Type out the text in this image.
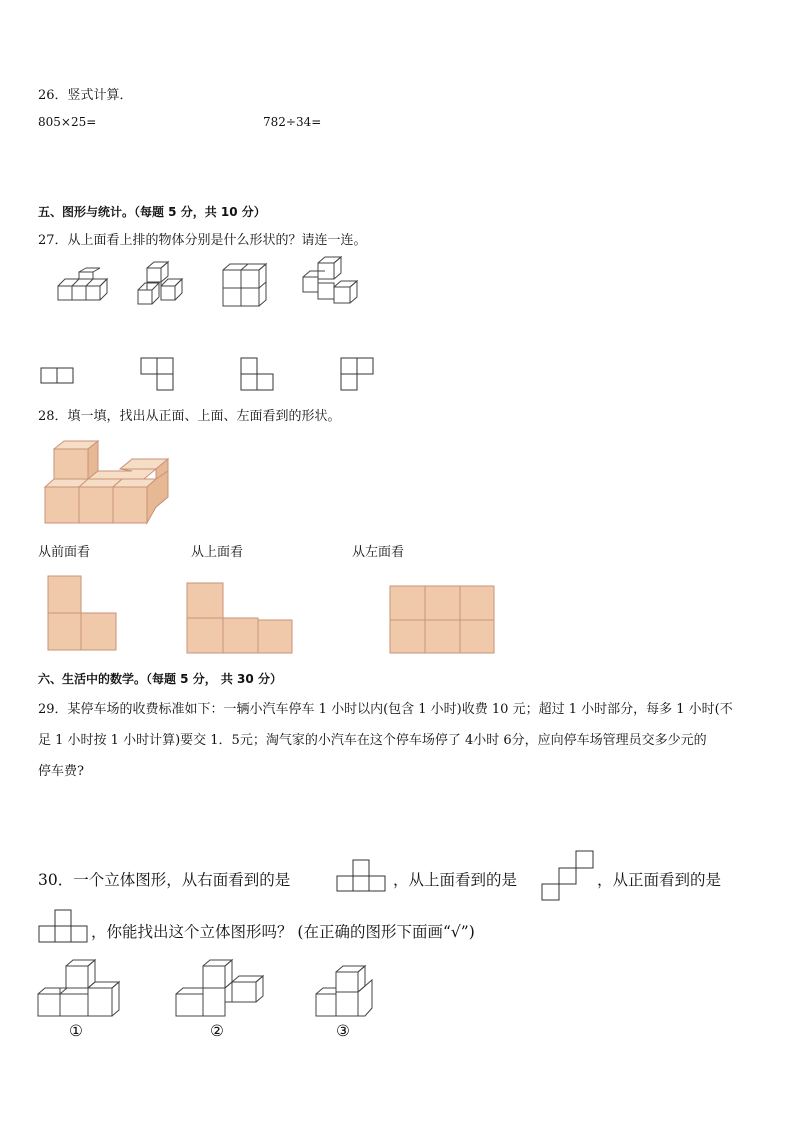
26．竖式计算．
805×25=	782÷34=
五、图形与统计。（每题 5 分，共 10 分）
27．从上面看上排的物体分别是什么形状的？请连一连。
28．填一填，找出从正面、上面、左面看到的形状。
从前面看	从上面看	从左面看
六、生活中的数学。（每题 5 分， 共 30 分）
29．某停车场的收费标准如下：一辆小汽车停车 1 小时以内(包含 1 小时)收费 10 元；超过 1 小时部分，每多 1 小时(不
足 1 小时按 1 小时计算)要交 1．5元；淘气家的小汽车在这个停车场停了 4小时 6分，应向停车场管理员交多少元的
停车费?
30．一个立体图形，从右面看到的是	，从上面看到的是	，从正面看到的是
，你能找出这个立体图形吗？ (在正确的图形下面画“√”)
①	②	③
